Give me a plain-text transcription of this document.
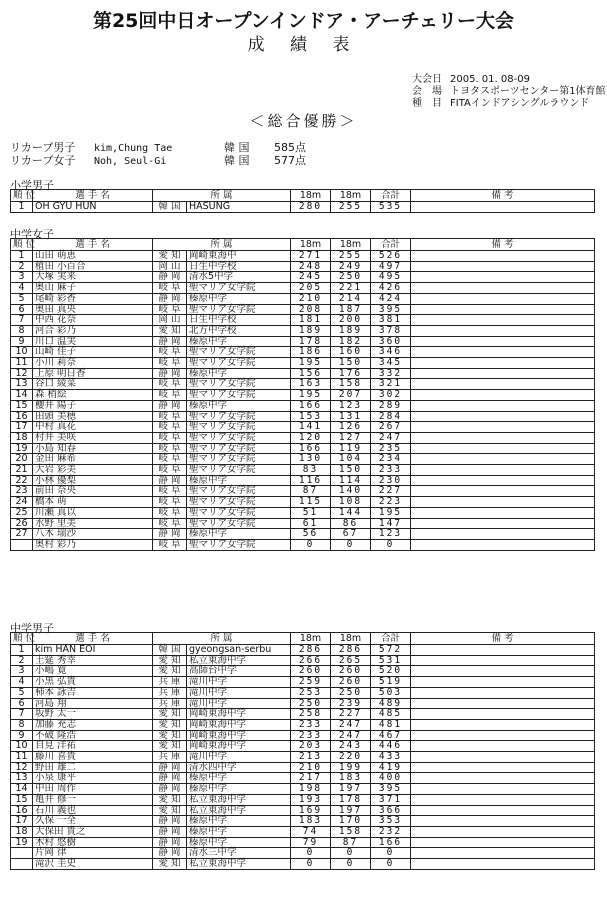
第25回中日オープンインドア・アーチェリー大会
成 績 表
大会日 2005. 01. 08-09
会　場 トヨタスポーツセンター第1体育館
種　目 FITAインドアシングルラウンド
＜総合優勝＞
リカーブ男子 kim,Chung Tae	韓 国 585点
リカーブ女子 Noh, Seul-Gi	韓 国 577点
小学男子
順 位	選 手 名	所 属		18m	18m	合計	備 考
1	OH GYU HUN	韓 国	HASUNG	280	255	535	
中学女子
順 位	選 手 名	所 属		18m	18m	合計	備 考
1	山田 萌恵	愛 知	岡崎東海中	271	255	526	
2	植田 小百合	岡 山	日生中学校	248	249	497	
3	大塚 実来	静 岡	清水5中学	245	250	495	
4	奥山 麻子	岐 阜	聖マリア女学院	205	221	426	
5	尾崎 彩香	静 岡	榛原中学	210	214	424	
6	奥田 真央	岐 阜	聖マリア女学院	208	187	395	
7	中西 花奈	岡 山	日生中学校	181	200	381	
8	河合 彩乃	愛 知	北方中学校	189	189	378	
9	川口 温実	静 岡	榛原中学	178	182	360	
10	山崎 佳子	岐 阜	聖マリア女学院	186	160	346	
11	小川 莉奈	岐 阜	聖マリア女学院	195	150	345	
12	上原 明日香	静 岡	榛原中学	156	176	332	
13	谷口 綾菜	岐 阜	聖マリア女学院	163	158	321	
14	森 梢絵	岐 阜	聖マリア女学院	195	207	302	
15	櫻井 陽子	静 岡	榛原中学	166	123	289	
16	田頭 美穂	岐 阜	聖マリア女学院	153	131	284	
17	中村 真花	岐 阜	聖マリア女学院	141	126	267	
18	村井 美咲	岐 阜	聖マリア女学院	120	127	247	
19	小島 知春	岐 阜	聖マリア女学院	166	119	235	
20	金田 麻希	岐 阜	聖マリア女学院	130	104	234	
21	大岩 彩美	岐 阜	聖マリア女学院	83	150	233	
22	小林 優梨	静 岡	榛原中学	116	114	230	
23	前田 奈央	岐 阜	聖マリア女学院	87	140	227	
24	橋本 萌	岐 阜	聖マリア女学院	115	108	223	
25	川瀬 真以	岐 阜	聖マリア女学院	51	144	195	
26	水野 里美	岐 阜	聖マリア女学院	61	86	147	
27	八木 瑞沙	静 岡	榛原中学	56	67	123	
	奥村 彩乃	岐 阜	聖マリア女学院	0	0	0	
中学男子
順 位	選 手 名	所 属		18m	18m	合計	備 考
1	kim HAN EOI	韓 国	gyeongsan-serbu	286	286	572	
2	土筵 秀幸	愛 知	私立東海中学	266	265	531	
3	小嶋 寛	愛 知	高師台中学	260	260	520	
4	小黒 弘貴	兵 庫	滝川中学	259	260	519	
5	柿本 詠吉	兵 庫	滝川中学	253	250	503	
6	河島 翔	兵 庫	滝川中学	250	239	489	
7	坂野 太一	愛 知	岡崎東海中学	258	227	485	
8	加藤 充志	愛 知	岡崎東海中学	233	247	481	
9	不破 隆浩	愛 知	岡崎東海中学	233	247	467	
10	自見 洋祐	愛 知	岡崎東海中学	203	243	446	
11	藤川 喜貴	兵 庫	滝川中学	213	220	433	
12	野田 雄二	静 岡	清水四中学	210	199	419	
13	小泉 康平	静 岡	榛原中学	217	183	400	
14	中田 周作	静 岡	榛原中学	198	197	395	
15	亀井 修一	愛 知	私立東海中学	193	178	371	
16	石川 義也	愛 知	私立東海中学	169	197	366	
17	久保 一全	静 岡	榛原中学	183	170	353	
18	大保田 貴之	静 岡	榛原中学	74	158	232	
19	木村 悠樹	静 岡	榛原中学	79	87	166	
	片岡 律	静 岡	清水三中学	0	0	0	
	滝沢 圭史	愛 知	私立東海中学	0	0	0	
